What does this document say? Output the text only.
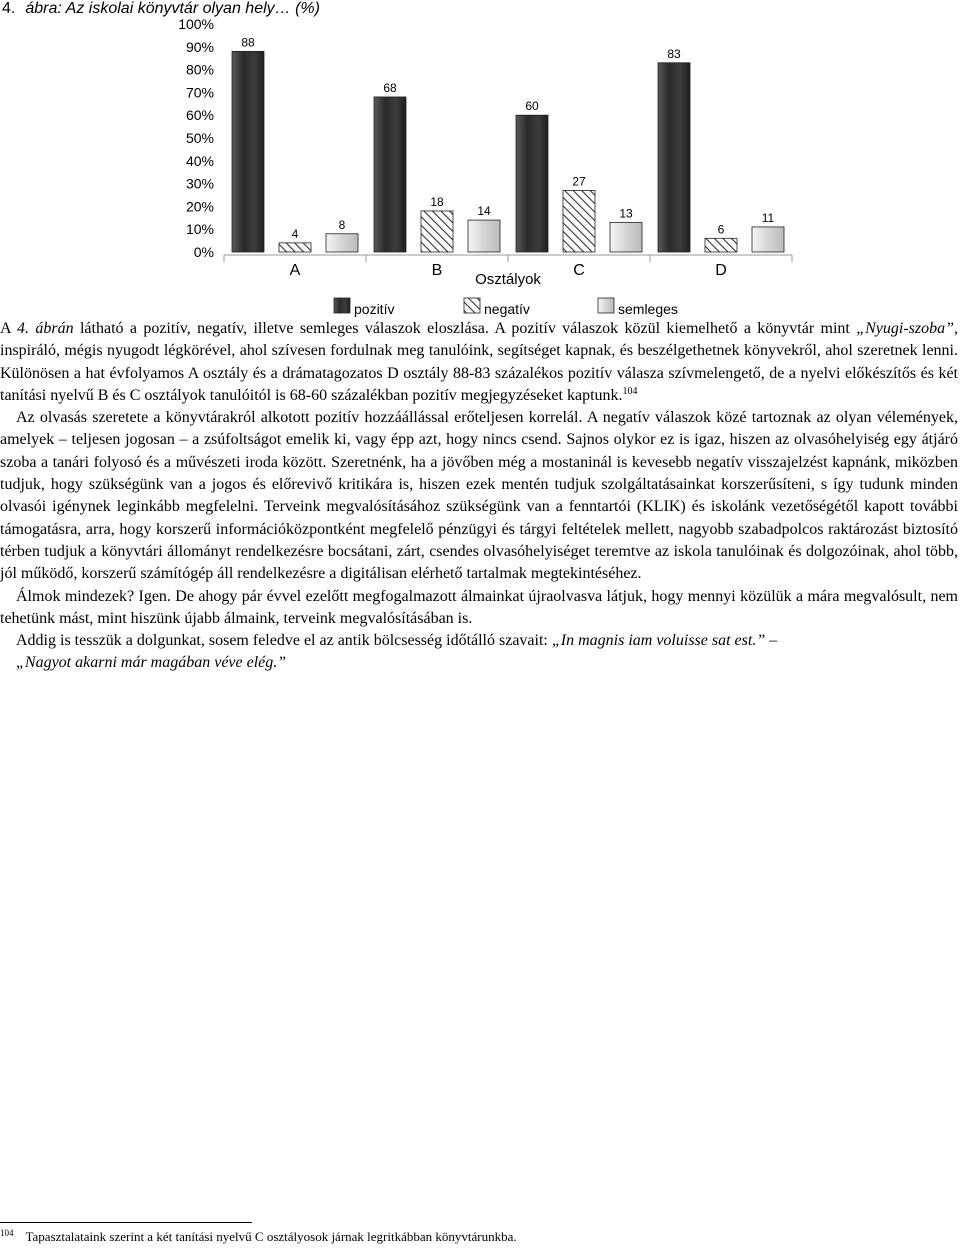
4. ábra: Az iskolai könyvtár olyan hely… (%)
0%
10%
20%
30%
40%
50%
60%
70%
80%
90%
100%
A	B	C	D
Osztályok
88
4
8
68
18
14
60
27
13
83
6
11
pozitív	negatív	semleges

A 4. ábrán látható a pozitív, negatív, illetve semleges válaszok eloszlása. A pozitív válaszok közül kiemelhető a könyvtár mint „Nyugi-szoba”, inspiráló, mégis nyugodt légkörével, ahol szívesen fordulnak meg tanulóink, segítséget kapnak, és beszélgethetnek könyvekről, ahol szeretnek lenni. Különösen a hat évfolyamos A osztály és a drámatagozatos D osztály 88-83 százalékos pozitív válasza szívmelengető, de a nyelvi előkészítős és két tanítási nyelvű B és C osztályok tanulóitól is 68-60 százalékban pozitív megjegyzéseket kaptunk.$^{104}$

Az olvasás szeretete a könyvtárakról alkotott pozitív hozzáállással erőteljesen korrelál. A negatív válaszok közé tartoznak az olyan vélemények, amelyek – teljesen jogosan – a zsúfoltságot emelik ki, vagy épp azt, hogy nincs csend. Sajnos olykor ez is igaz, hiszen az olvasóhelyiség egy átjáró szoba a tanári folyosó és a művészeti iroda között. Szeretnénk, ha a jövőben még a mostaninál is kevesebb negatív visszajelzést kapnánk, miközben tudjuk, hogy szükségünk van a jogos és előrevivő kritikára is, hiszen ezek mentén tudjuk szolgáltatásainkat korszerűsíteni, s így tudunk minden olvasói igénynek leginkább megfelelni. Terveink megvalósításához szükségünk van a fenntartói (KLIK) és iskolánk vezetőségétől kapott további támogatásra, arra, hogy korszerű információközpontként megfelelő pénzügyi és tárgyi feltételek mellett, nagyobb szabadpolcos raktározást biztosító térben tudjuk a könyvtári állományt rendelkezésre bocsátani, zárt, csendes olvasóhelyiséget teremtve az iskola tanulóinak és dolgozóinak, ahol több, jól működő, korszerű számítógép áll rendelkezésre a digitálisan elérhető tartalmak megtekintéséhez.

Álmok mindezek? Igen. De ahogy pár évvel ezelőtt megfogalmazott álmainkat újraolvasva látjuk, hogy mennyi közülük a mára megvalósult, nem tehetünk mást, mint hiszünk újabb álmaink, terveink megvalósításában is.

Addig is tesszük a dolgunkat, sosem feledve el az antik bölcsesség időtálló szavait: „In magnis iam voluisse sat est.” –

„Nagyot akarni már magában véve elég.”

$^{104}$ Tapasztalataink szerint a két tanítási nyelvű C osztályosok járnak legritkábban könyvtárunkba.
